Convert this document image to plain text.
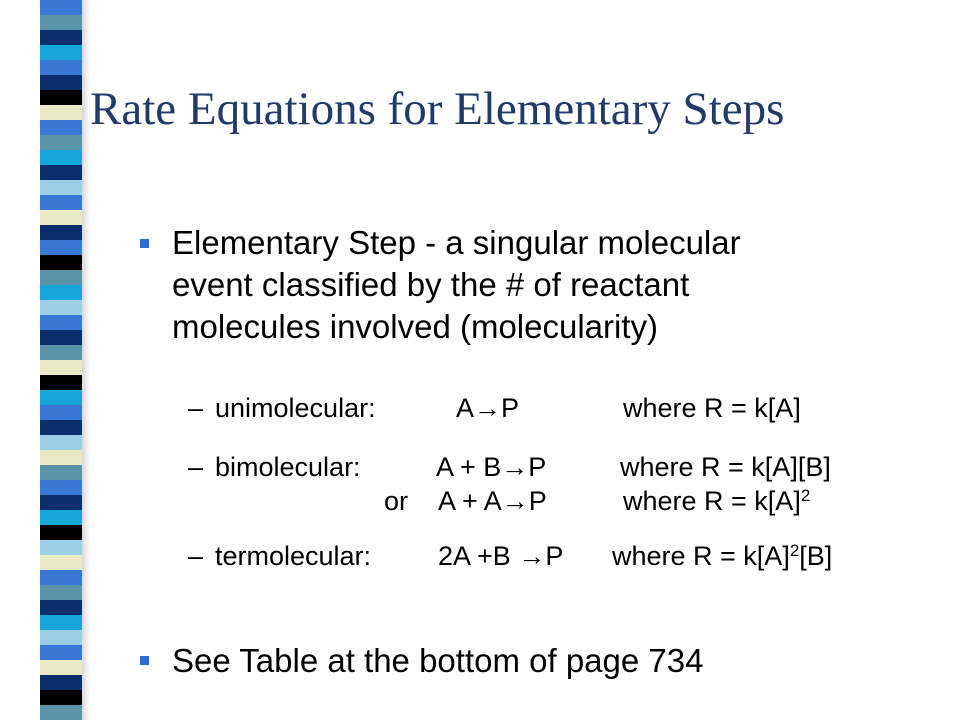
Rate Equations for Elementary Steps
Elementary Step - a singular molecular
event classified by the # of reactant
molecules involved (molecularity)
– unimolecular:	A→P	where R = k[A]
– bimolecular:	A + B→P	where R = k[A][B]
or A + A→P	where $R = k[A]^2$
– termolecular: 2A +B →P where $R = k[A]^2[B]$
See Table at the bottom of page 734
